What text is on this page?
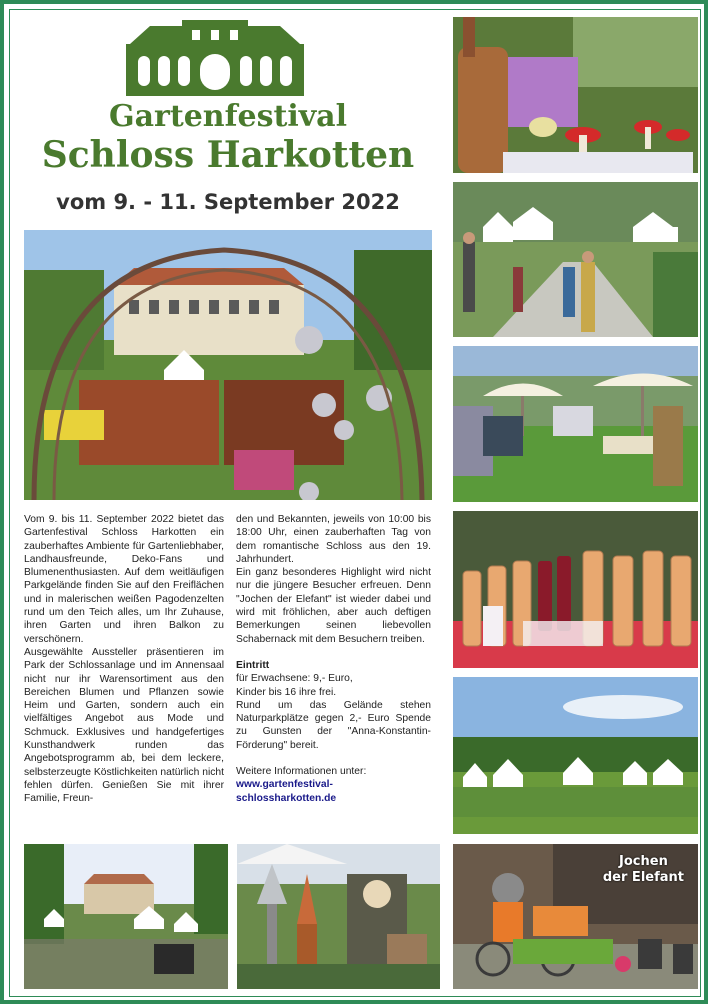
Gartenfestival
Schloss Harkotten
vom 9. - 11. September 2022
Jochen
der Elefant

Vom 9. bis 11. September 2022 bietet das Gartenfestival Schloss Harkotten ein zauberhaftes Ambiente für Gartenliebhaber, Landhausfreunde, Deko-Fans und Blumenenthusiasten. Auf dem weitläufigen Parkgelände finden Sie auf den Freiflächen und in malerischen weißen Pagodenzelten rund um den Teich alles, um Ihr Zuhause, ihren Garten und ihren Balkon zu verschönern.

Ausgewählte Aussteller präsentieren im Park der Schlossanlage und im Annensaal nicht nur ihr Warensortiment aus den Bereichen Blumen und Pflanzen sowie Heim und Garten, sondern auch ein vielfältiges Angebot aus Mode und Schmuck. Exklusives und handgefertiges Kunsthandwerk runden das Angebotsprogramm ab, bei dem leckere, selbsterzeugte Köstlichkeiten natürlich nicht fehlen dürfen. Genießen Sie mit ihrer Familie, Freun-

den und Bekannten, jeweils von 10:00 bis 18:00 Uhr, einen zauberhaften Tag von dem romantische Schloss aus den 19. Jahrhundert.

Ein ganz besonderes Highlight wird nicht nur die jüngere Besucher erfreuen. Denn "Jochen der Elefant" ist wieder dabei und wird mit fröhlichen, aber auch deftigen Bemerkungen seinen liebevollen Schabernack mit dem Besuchern treiben.

Eintritt

für Erwachsene: 9,- Euro,

Kinder bis 16 ihre frei.

Rund um das Gelände stehen Naturparkplätze gegen 2,- Euro Spende zu Gunsten der "Anna-Konstantin-Förderung" bereit.

Weitere Informationen unter:

www.gartenfestival-

schlossharkotten.de
